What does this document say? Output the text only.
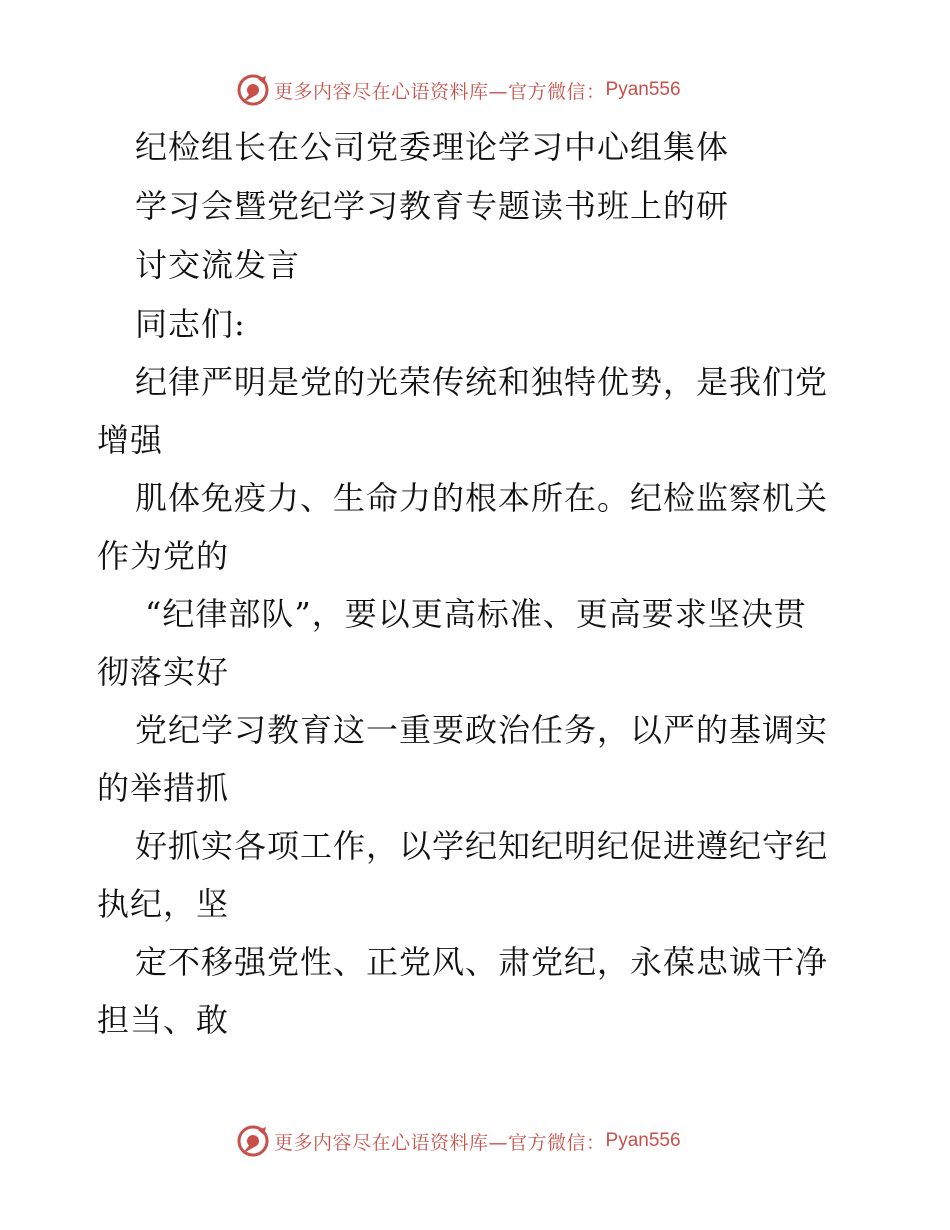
更多内容尽在心语资料库—官方微信： Pyan556
纪检组长在公司党委理论学习中心组集体
学习会暨党纪学习教育专题读书班上的研
讨交流发言
同志们:
纪律严明是党的光荣传统和独特优势，是我们党
增强
肌体免疫力、生命力的根本所在。纪检监察机关
作为党的
“纪律部队”，要以更高标准、更高要求坚决贯
彻落实好
党纪学习教育这一重要政治任务，以严的基调实
的举措抓
好抓实各项工作，以学纪知纪明纪促进遵纪守纪
执纪，坚
定不移强党性、正党风、肃党纪，永葆忠诚干净
担当、敢
更多内容尽在心语资料库—官方微信： Pyan556
